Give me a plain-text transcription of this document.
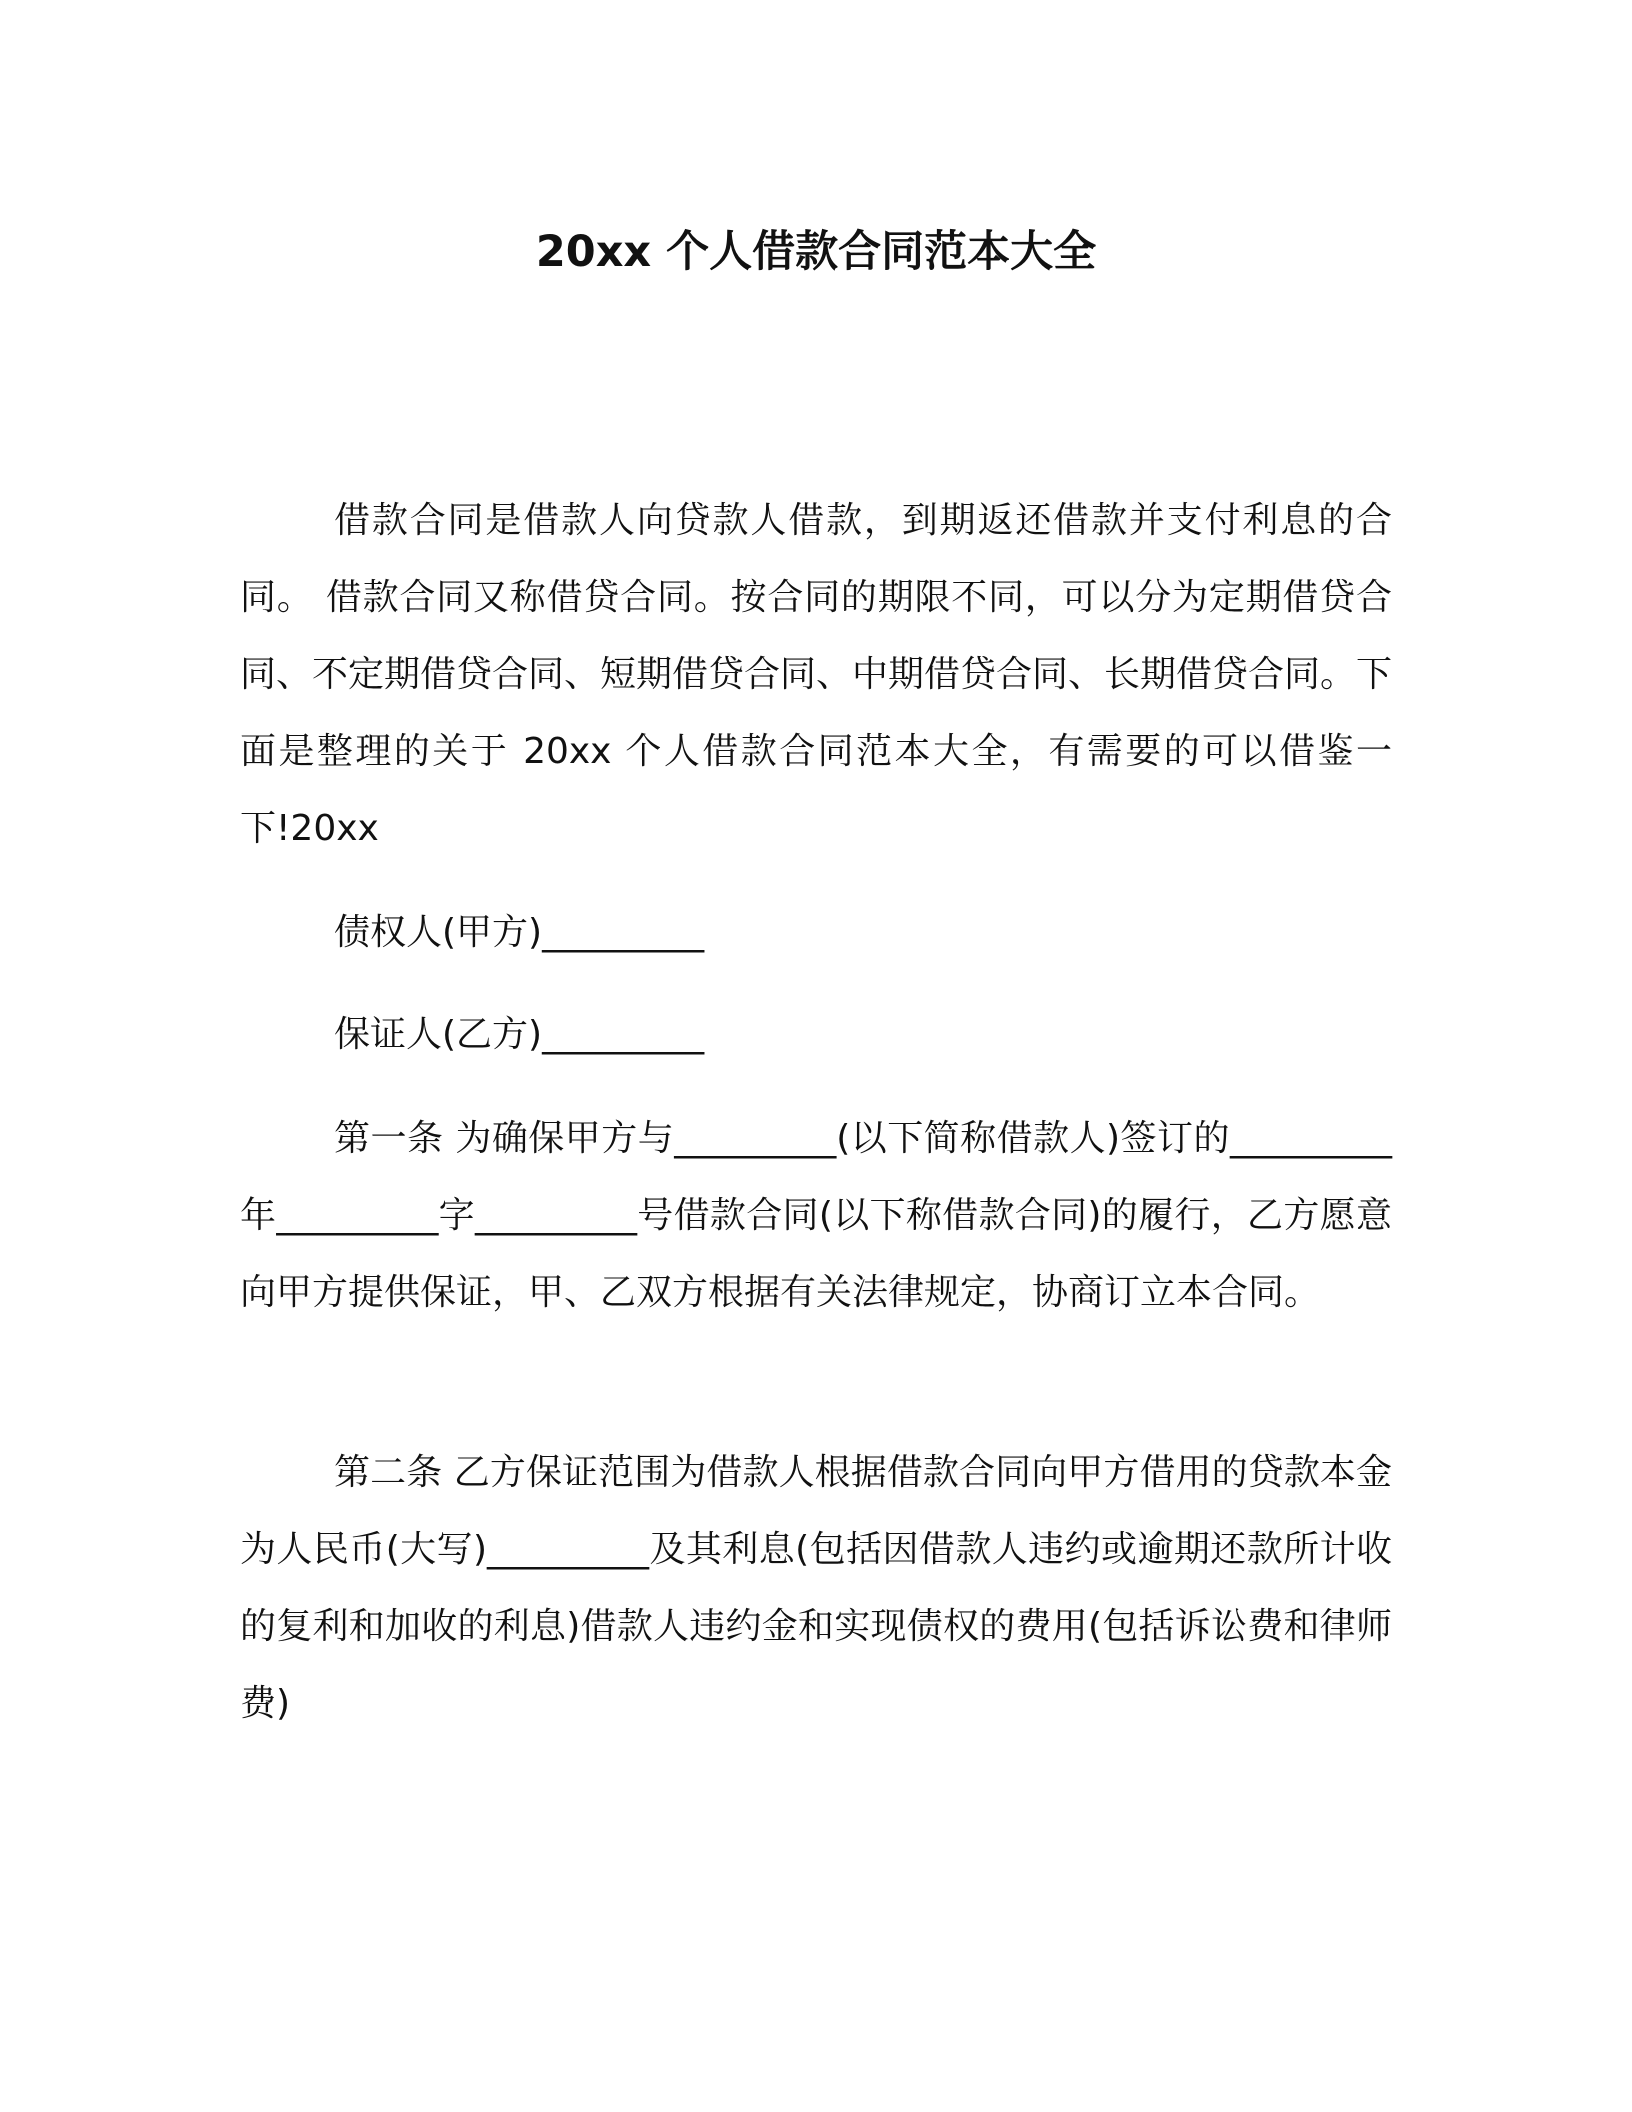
20xx 个人借款合同范本大全

借款合同是借款人向贷款人借款，到期返还借款并支付利息的合同。 借款合同又称借贷合同。按合同的期限不同，可以分为定期借贷合同、不定期借贷合同、短期借贷合同、中期借贷合同、长期借贷合同。下面是整理的关于 20xx 个人借款合同范本大全，有需要的可以借鉴一下!20xx

债权人(甲方)_________

保证人(乙方)_________

第一条 为确保甲方与_________(以下简称借款人)签订的_________年_________字_________号借款合同(以下称借款合同)的履行，乙方愿意向甲方提供保证，甲、乙双方根据有关法律规定，协商订立本合同。

第二条 乙方保证范围为借款人根据借款合同向甲方借用的贷款本金为人民币(大写)_________及其利息(包括因借款人违约或逾期还款所计收的复利和加收的利息)借款人违约金和实现债权的费用(包括诉讼费和律师费)
